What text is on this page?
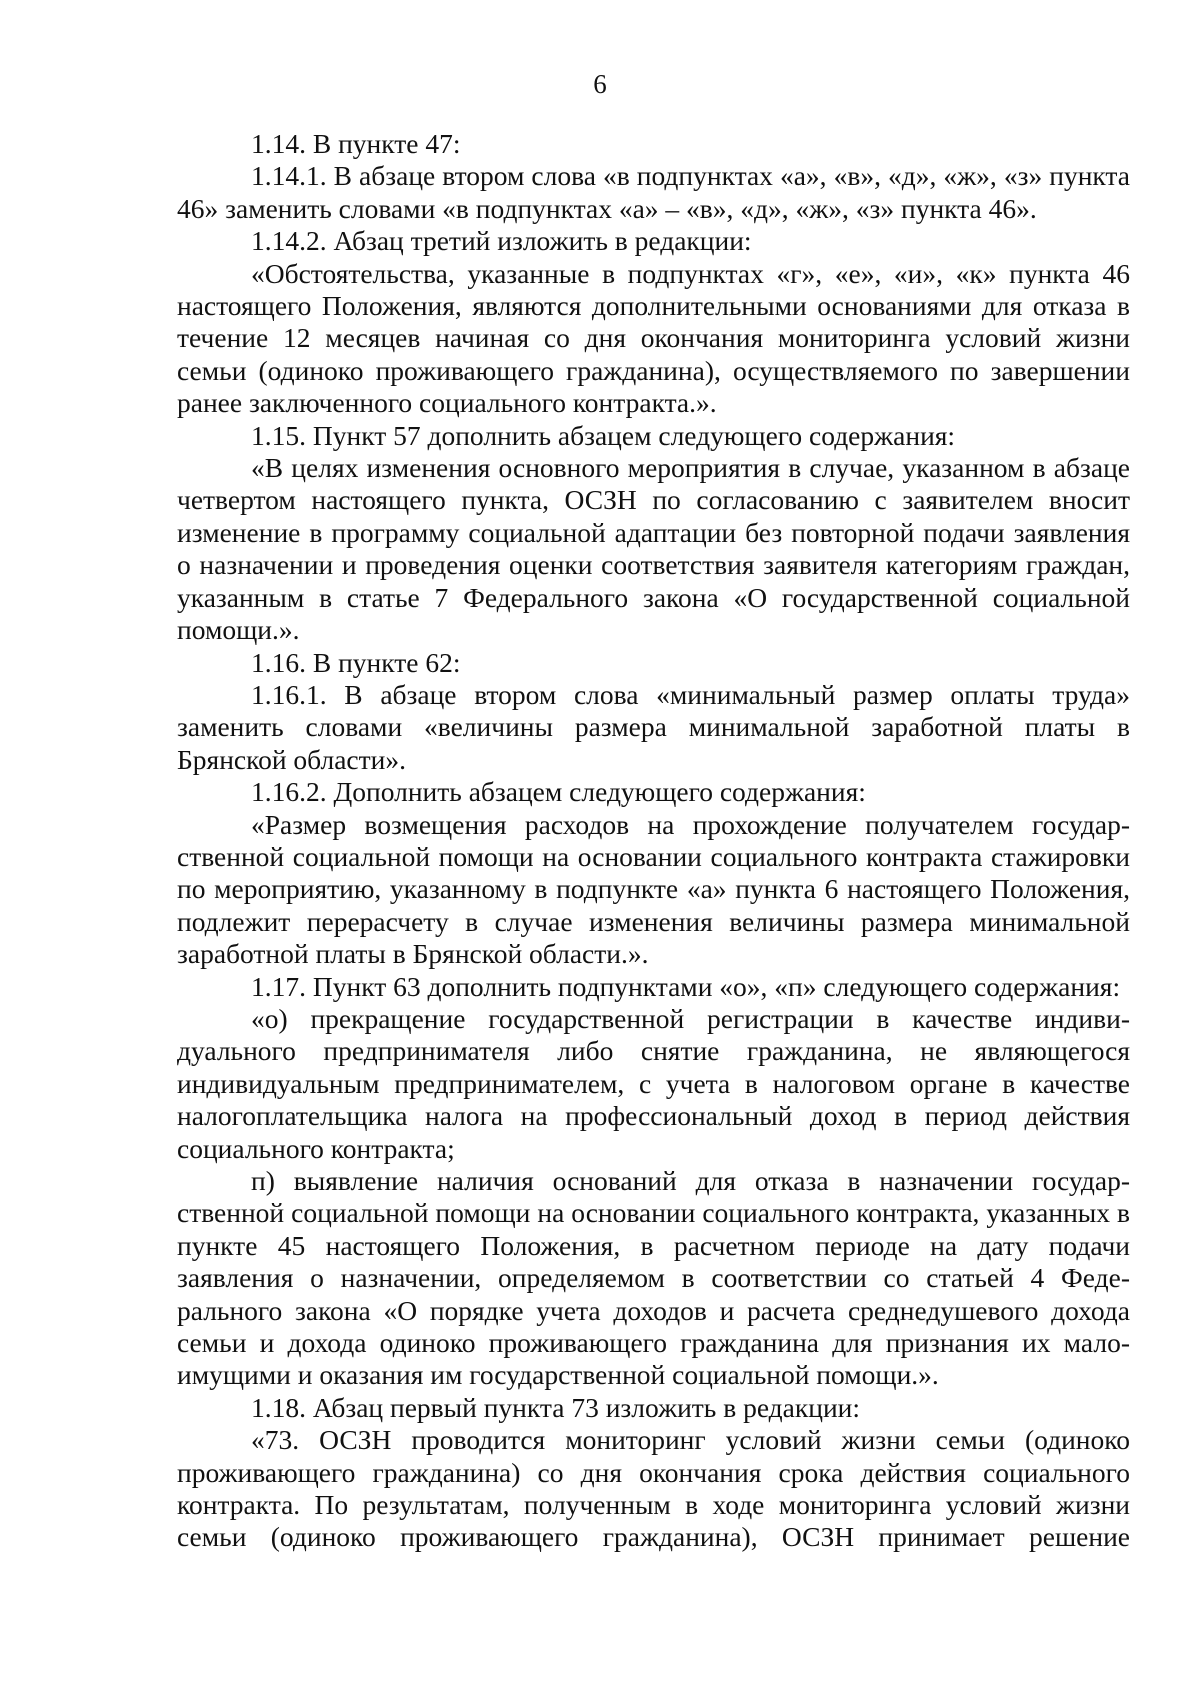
6

1.14. В пункте 47:

1.14.1. В абзаце втором слова «в подпунктах «а», «в», «д», «ж», «з» пункта 46» заменить словами «в подпунктах «а» – «в», «д», «ж», «з» пункта 46».

1.14.2. Абзац третий изложить в редакции:

«Обстоятельства, указанные в подпунктах «г», «е», «и», «к» пункта 46 настоящего Положения, являются дополнительными основаниями для отказа в течение 12 месяцев начиная со дня окончания мониторинга условий жизни семьи (одиноко проживающего гражданина), осуществляемого по завершении ранее заключенного социального контракта.».

1.15. Пункт 57 дополнить абзацем следующего содержания:

«В целях изменения основного мероприятия в случае, указанном в абзаце четвертом настоящего пункта, ОСЗН по согласованию с заявителем вносит изменение в программу социальной адаптации без повторной подачи заявления о назначении и проведения оценки соответствия заявителя категориям граждан, указанным в статье 7 Федерального закона «О государственной социальной помощи.».

1.16. В пункте 62:

1.16.1. В абзаце втором слова «минимальный размер оплаты труда» заменить словами «величины размера минимальной заработной платы в Брянской области».

1.16.2. Дополнить абзацем следующего содержания:

«Размер возмещения расходов на прохождение получателем государственной социальной помощи на основании социального контракта стажировки по мероприятию, указанному в подпункте «а» пункта 6 настоящего Положения, подлежит перерасчету в случае изменения величины размера минимальной заработной платы в Брянской области.».

1.17. Пункт 63 дополнить подпунктами «о», «п» следующего содержания:

«о) прекращение государственной регистрации в качестве индивидуального предпринимателя либо снятие гражданина, не являющегося индивидуальным предпринимателем, с учета в налоговом органе в качестве налогоплательщика налога на профессиональный доход в период действия социального контракта;

п) выявление наличия оснований для отказа в назначении государственной социальной помощи на основании социального контракта, указанных в пункте 45 настоящего Положения, в расчетном периоде на дату подачи заявления о назначении, определяемом в соответствии со статьей 4 Федерального закона «О порядке учета доходов и расчета среднедушевого дохода семьи и дохода одиноко проживающего гражданина для признания их малоимущими и оказания им государственной социальной помощи.».

1.18. Абзац первый пункта 73 изложить в редакции:

«73. ОСЗН проводится мониторинг условий жизни семьи (одиноко проживающего гражданина) со дня окончания срока действия социального контракта. По результатам, полученным в ходе мониторинга условий жизни семьи (одиноко проживающего гражданина), ОСЗН принимает решение
